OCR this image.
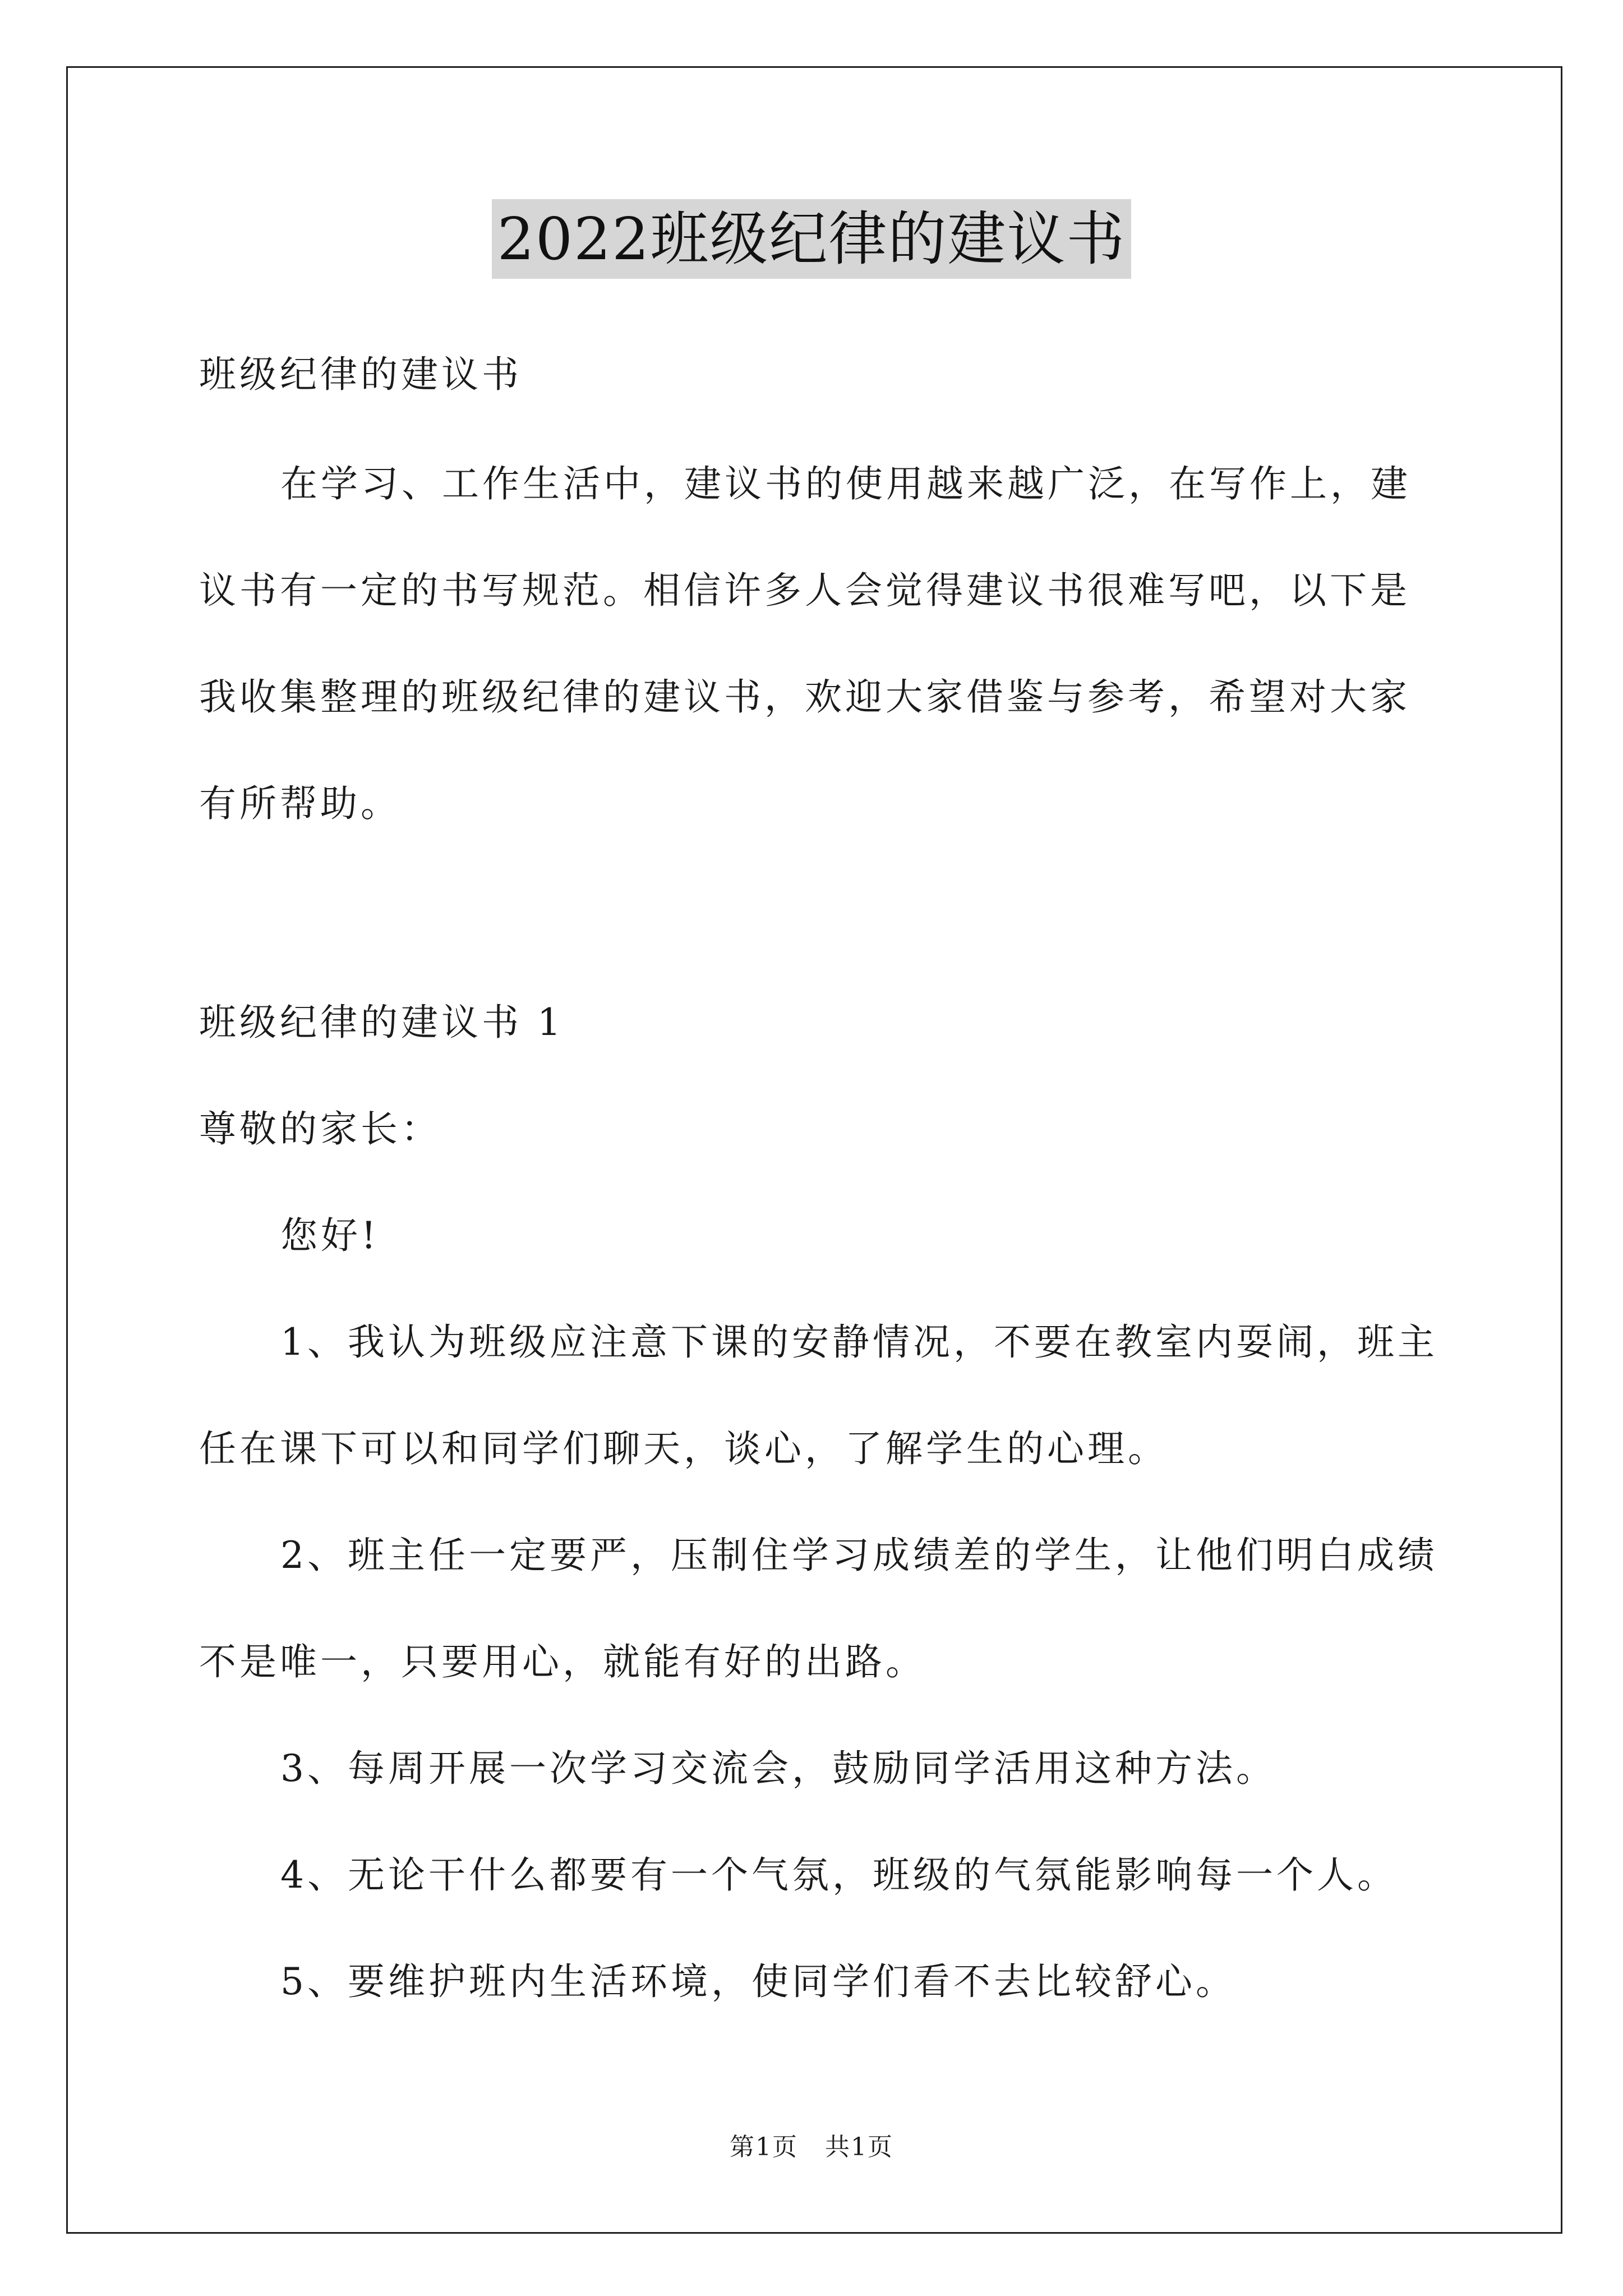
2022班级纪律的建议书
班级纪律的建议书
在学习、工作生活中，建议书的使用越来越广泛，在写作上，建
议书有一定的书写规范。相信许多人会觉得建议书很难写吧，以下是
我收集整理的班级纪律的建议书，欢迎大家借鉴与参考，希望对大家
有所帮助。
班级纪律的建议书 1
尊敬的家长：
您好!
1、我认为班级应注意下课的安静情况，不要在教室内耍闹，班主
任在课下可以和同学们聊天，谈心，了解学生的心理。
2、班主任一定要严，压制住学习成绩差的学生，让他们明白成绩
不是唯一，只要用心，就能有好的出路。
3、每周开展一次学习交流会，鼓励同学活用这种方法。
4、无论干什么都要有一个气氛，班级的气氛能影响每一个人。
5、要维护班内生活环境，使同学们看不去比较舒心。
第1页 共1页
